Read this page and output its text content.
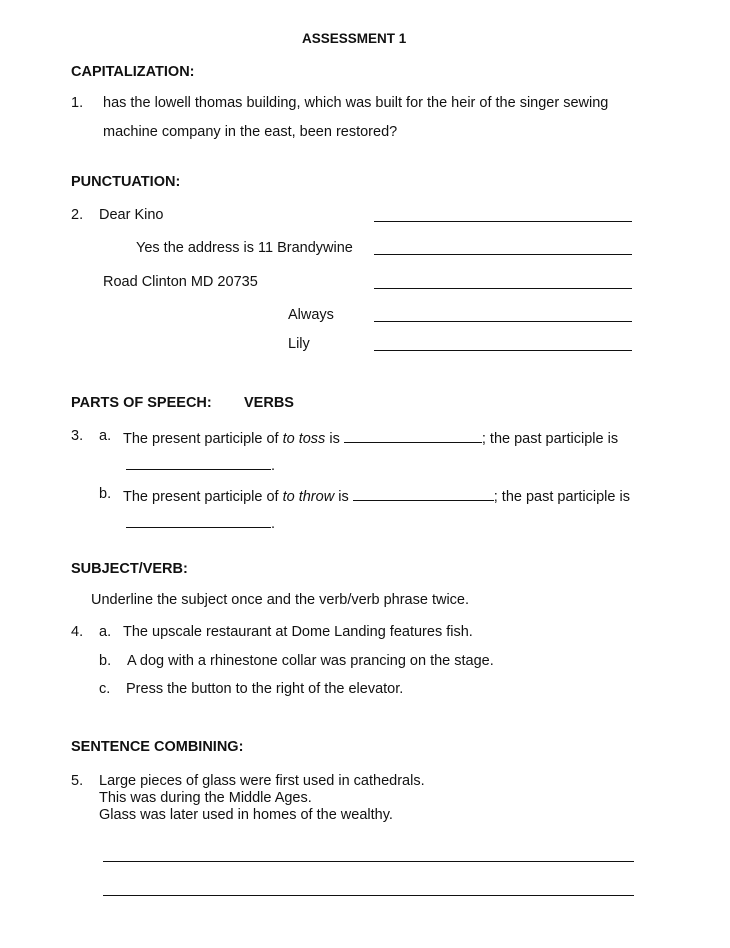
ASSESSMENT 1
CAPITALIZATION:
1. has the lowell thomas building, which was built for the heir of the singer sewing
machine company in the east, been restored?
PUNCTUATION:
2. Dear Kino
Yes the address is 11 Brandywine
Road Clinton MD 20735
Always
Lily
PARTS OF SPEECH: VERBS
3. a. The present participle of to toss is	; the past participle is
.
b. The present participle of to throw is	; the past participle is
.
SUBJECT/VERB:
Underline the subject once and the verb/verb phrase twice.
4. a. The upscale restaurant at Dome Landing features fish.
b. A dog with a rhinestone collar was prancing on the stage.
c. Press the button to the right of the elevator.
SENTENCE COMBINING:
5. Large pieces of glass were first used in cathedrals.
This was during the Middle Ages.
Glass was later used in homes of the wealthy.
